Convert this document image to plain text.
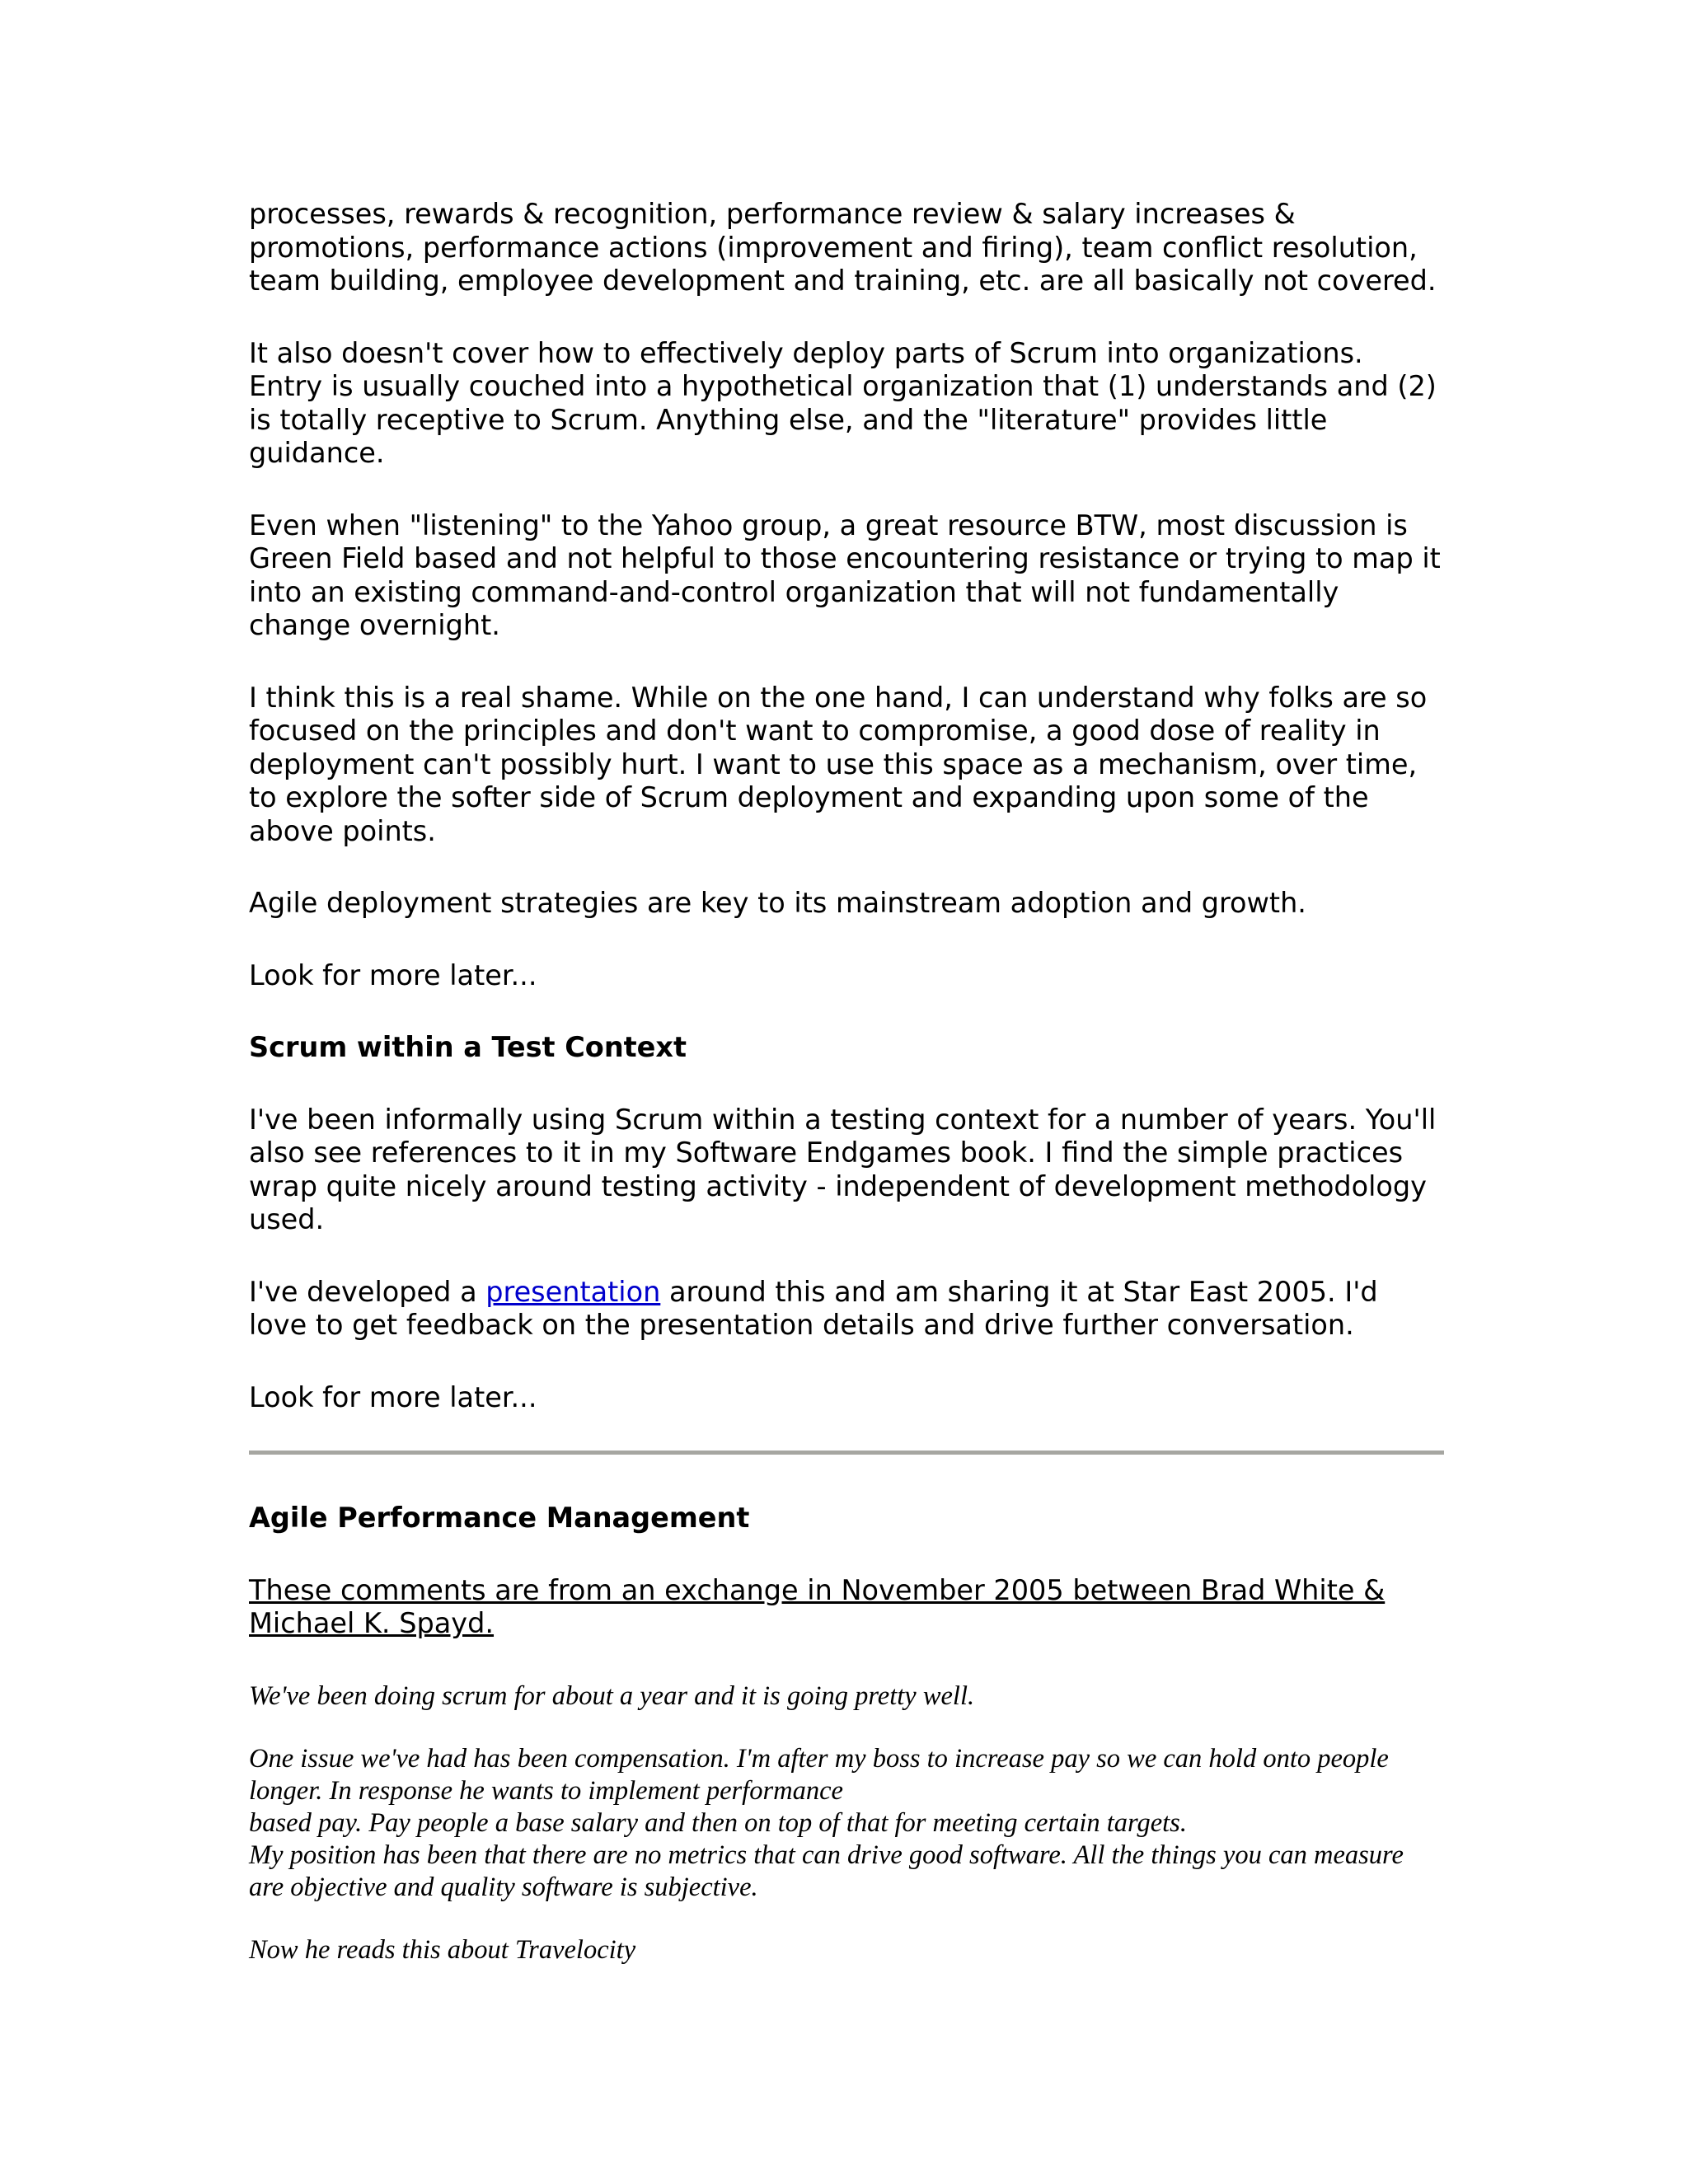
processes, rewards & recognition, performance review & salary increases & promotions, performance actions (improvement and firing), team conflict resolution, team building, employee development and training, etc. are all basically not covered.

It also doesn't cover how to effectively deploy parts of Scrum into organizations. Entry is usually couched into a hypothetical organization that (1) understands and (2) is totally receptive to Scrum. Anything else, and the "literature" provides little guidance.

Even when "listening" to the Yahoo group, a great resource BTW, most discussion is Green Field based and not helpful to those encountering resistance or trying to map it into an existing command-and-control organization that will not fundamentally change overnight.

I think this is a real shame. While on the one hand, I can understand why folks are so focused on the principles and don't want to compromise, a good dose of reality in deployment can't possibly hurt. I want to use this space as a mechanism, over time, to explore the softer side of Scrum deployment and expanding upon some of the above points.

Agile deployment strategies are key to its mainstream adoption and growth.

Look for more later...

Scrum within a Test Context

I've been informally using Scrum within a testing context for a number of years. You'll also see references to it in my Software Endgames book. I find the simple practices wrap quite nicely around testing activity - independent of development methodology used.

I've developed a presentation around this and am sharing it at Star East 2005. I'd love to get feedback on the presentation details and drive further conversation.

Look for more later...

Agile Performance Management
These comments are from an exchange in November 2005 between Brad White & Michael K. Spayd.

We've been doing scrum for about a year and it is going pretty well.

One issue we've had has been compensation. I'm after my boss to increase pay so we can hold onto people longer. In response he wants to implement performance
based pay. Pay people a base salary and then on top of that for meeting certain targets.
My position has been that there are no metrics that can drive good software. All the things you can measure are objective and quality software is subjective.

Now he reads this about Travelocity
